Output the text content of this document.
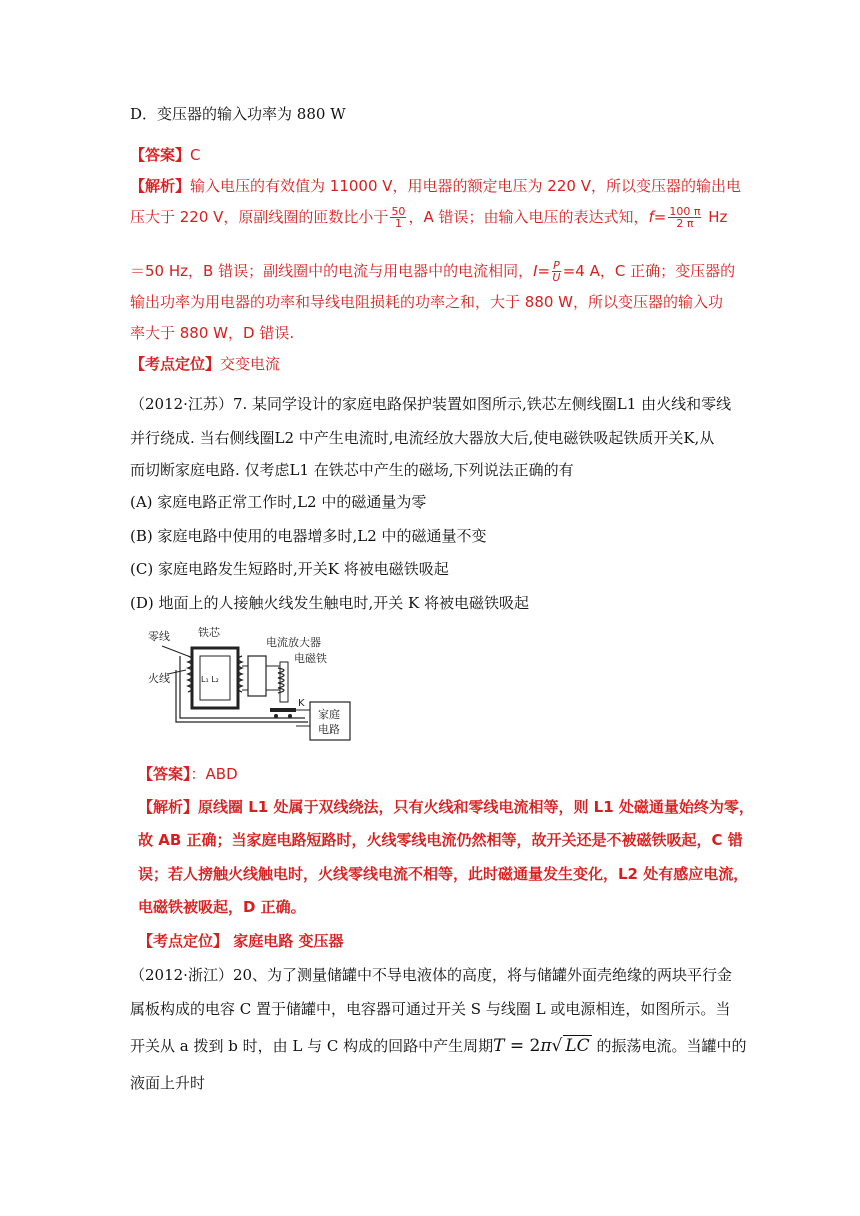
D．变压器的输入功率为 880 W
【答案】C
【解析】输入电压的有效值为 11000 V，用电器的额定电压为 220 V，所以变压器的输出电
压大于 220 V，原副线圈的匝数比小于 $\frac{50}{1}$ ，A 错误；由输入电压的表达式知，$f= \frac{100 \pi}{2 \pi}$ Hz
＝50 Hz，B 错误；副线圈中的电流与用电器中的电流相同，$I= \frac{P}{U} =4$ A，C 正确；变压器的
输出功率为用电器的功率和导线电阻损耗的功率之和，大于 880 W，所以变压器的输入功
率大于 880 W，D 错误.
【考点定位】交变电流
（2012·江苏）7. 某同学设计的家庭电路保护装置如图所示,铁芯左侧线圈L1 由火线和零线
并行绕成. 当右侧线圈L2 中产生电流时,电流经放大器放大后,使电磁铁吸起铁质开关K,从
而切断家庭电路. 仅考虑L1 在铁芯中产生的磁场,下列说法正确的有
(A) 家庭电路正常工作时,L2 中的磁通量为零
(B) 家庭电路中使用的电器增多时,L2 中的磁通量不变
(C) 家庭电路发生短路时,开关K 将被电磁铁吸起
(D) 地面上的人接触火线发生触电时,开关 K 将被电磁铁吸起
零线	铁芯
火线
电流放大器
电磁铁
L₁ L₂
K
家庭
电路
【答案】：ABD
【解析】原线圈 L1 处属于双线绕法，只有火线和零线电流相等，则 L1 处磁通量始终为零，
故 AB 正确；当家庭电路短路时，火线零线电流仍然相等，故开关还是不被磁铁吸起，C 错
误；若人搒触火线触电时，火线零线电流不相等，此时磁通量发生变化，L2 处有感应电流，
电磁铁被吸起，D 正确。
【考点定位】 家庭电路 变压器
（2012·浙江）20、为了测量储罐中不导电液体的高度，将与储罐外面壳绝缘的两块平行金
属板构成的电容 C 置于储罐中，电容器可通过开关 S 与线圈 L 或电源相连，如图所示。当
开关从 a 拨到 b 时，由 L 与 C 构成的回路中产生周期T = 2π√ LC 的振荡电流。当罐中的
液面上升时
